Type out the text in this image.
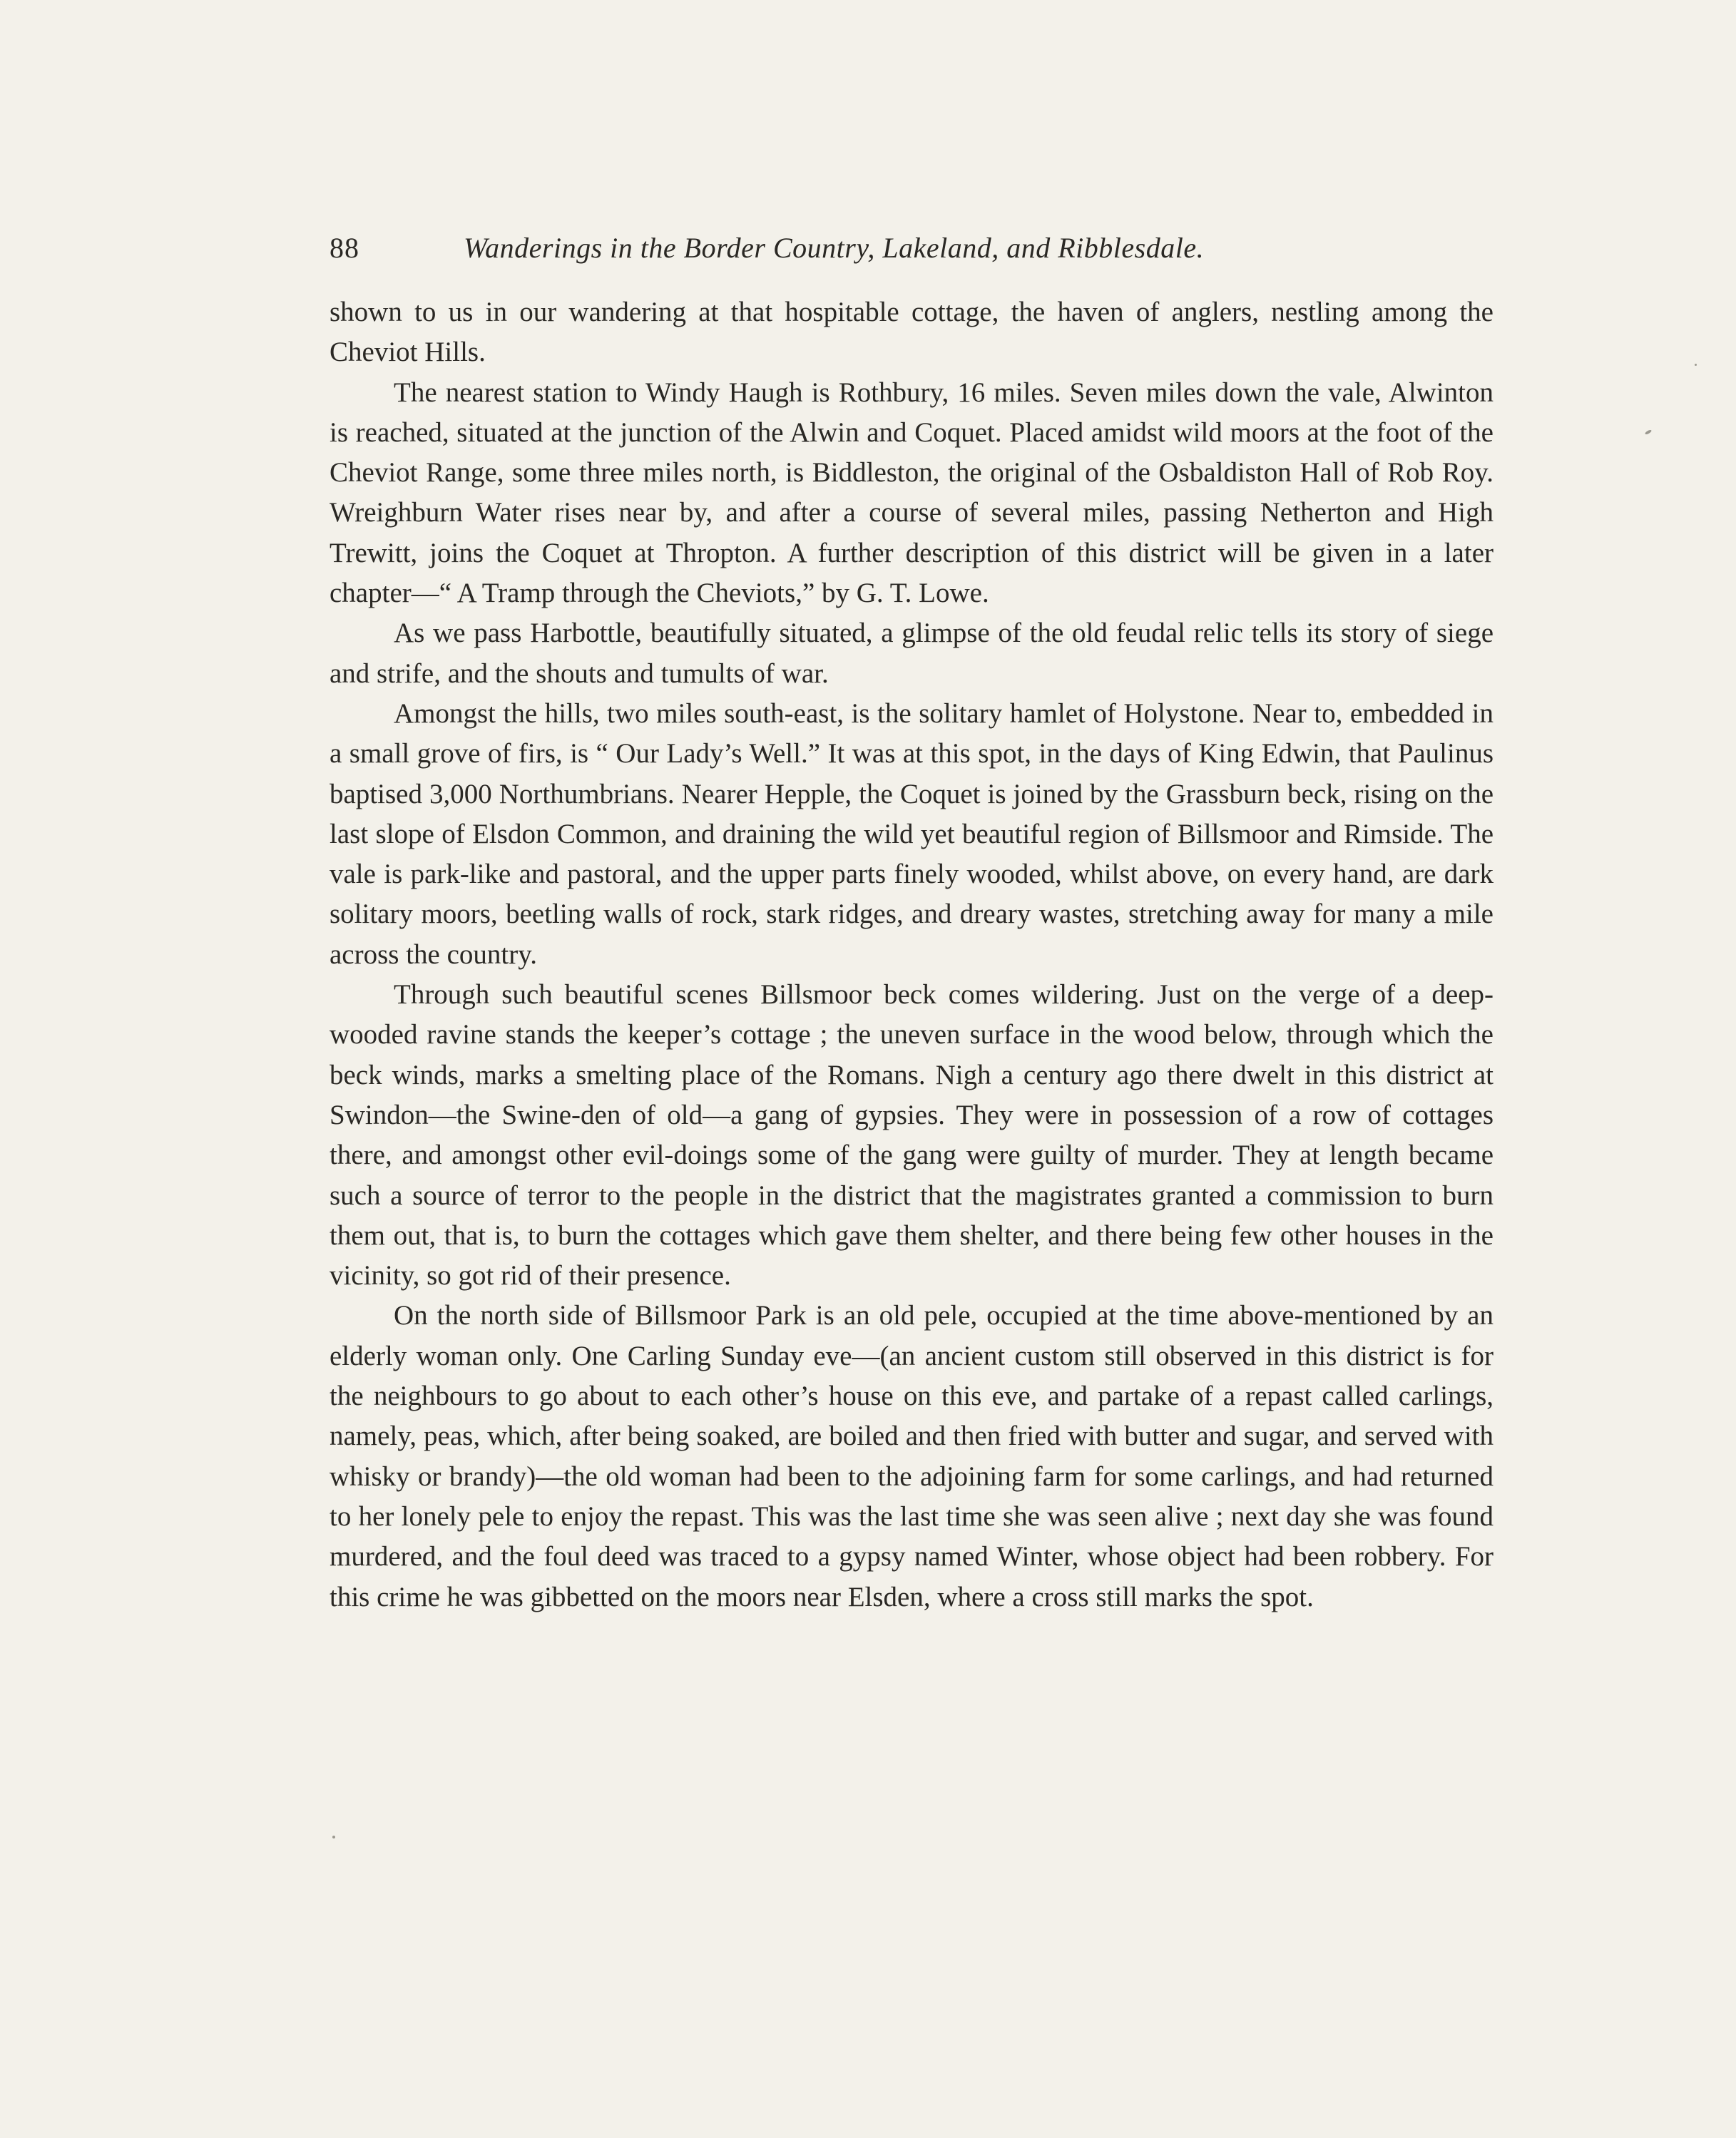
88	Wanderings in the Border Country, Lakeland, and Ribblesdale.

shown to us in our wandering at that hospitable cottage, the haven of anglers, nestling among the Cheviot Hills.

The nearest station to Windy Haugh is Rothbury, 16 miles. Seven miles down the vale, Alwinton is reached, situated at the junction of the Alwin and Coquet. Placed amidst wild moors at the foot of the Cheviot Range, some three miles north, is Biddleston, the original of the Osbaldiston Hall of Rob Roy. Wreighburn Water rises near by, and after a course of several miles, passing Netherton and High Trewitt, joins the Coquet at Thropton. A further description of this district will be given in a later chapter—“ A Tramp through the Cheviots,” by G. T. Lowe.

As we pass Harbottle, beautifully situated, a glimpse of the old feudal relic tells its story of siege and strife, and the shouts and tumults of war.

Amongst the hills, two miles south-east, is the solitary hamlet of Holystone. Near to, embedded in a small grove of firs, is “ Our Lady’s Well.” It was at this spot, in the days of King Edwin, that Paulinus baptised 3,000 Northumbrians. Nearer Hepple, the Coquet is joined by the Grassburn beck, rising on the last slope of Elsdon Common, and draining the wild yet beautiful region of Billsmoor and Rimside. The vale is park-like and pastoral, and the upper parts finely wooded, whilst above, on every hand, are dark solitary moors, beetling walls of rock, stark ridges, and dreary wastes, stretching away for many a mile across the country.

Through such beautiful scenes Billsmoor beck comes wildering. Just on the verge of a deep-wooded ravine stands the keeper’s cottage ; the uneven surface in the wood below, through which the beck winds, marks a smelting place of the Romans. Nigh a century ago there dwelt in this district at Swindon—the Swine-den of old—a gang of gypsies. They were in possession of a row of cottages there, and amongst other evil-doings some of the gang were guilty of murder. They at length became such a source of terror to the people in the district that the magistrates granted a commission to burn them out, that is, to burn the cottages which gave them shelter, and there being few other houses in the vicinity, so got rid of their presence.

On the north side of Billsmoor Park is an old pele, occupied at the time above-mentioned by an elderly woman only. One Carling Sunday eve—(an ancient custom still observed in this district is for the neighbours to go about to each other’s house on this eve, and partake of a repast called carlings, namely, peas, which, after being soaked, are boiled and then fried with butter and sugar, and served with whisky or brandy)—the old woman had been to the adjoining farm for some carlings, and had returned to her lonely pele to enjoy the repast. This was the last time she was seen alive ; next day she was found murdered, and the foul deed was traced to a gypsy named Winter, whose object had been robbery. For this crime he was gibbetted on the moors near Elsden, where a cross still marks the spot.
